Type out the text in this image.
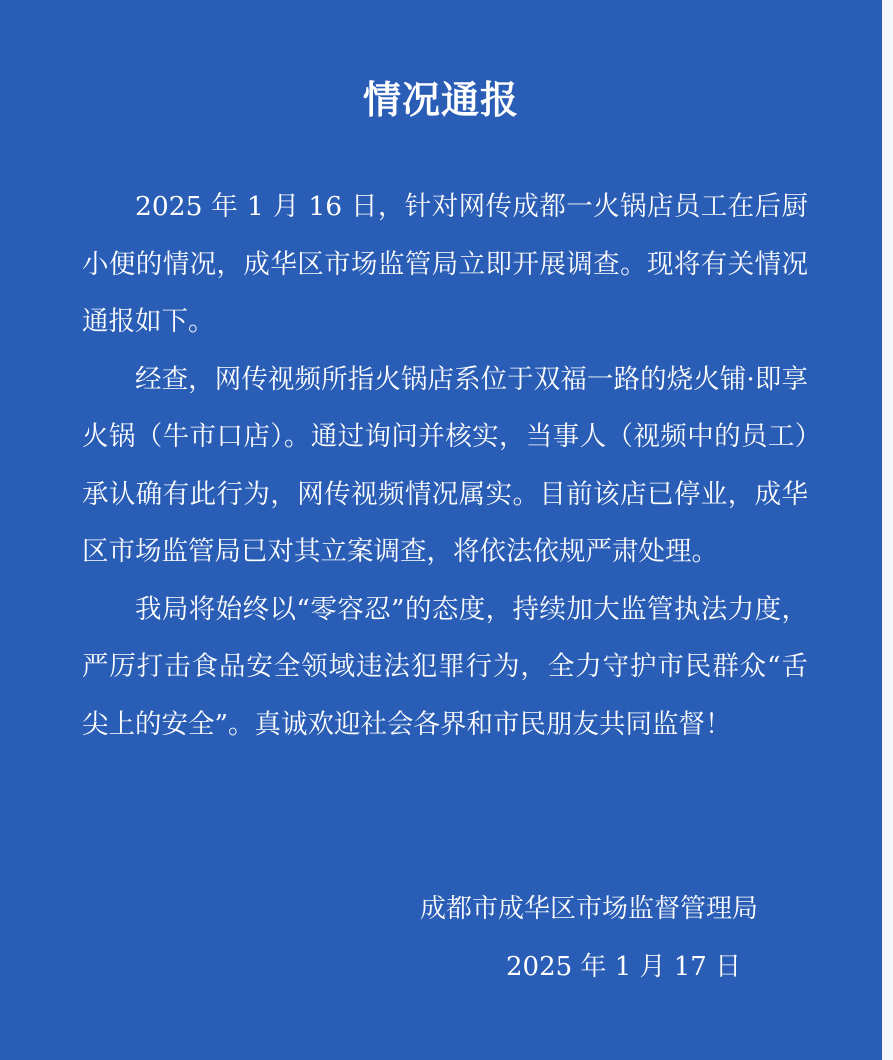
情况通报

2025 年 1 月 16 日，针对网传成都一火锅店员工在后厨小便的情况，成华区市场监管局立即开展调查。现将有关情况通报如下。

经查，网传视频所指火锅店系位于双福一路的烧火铺·即享火锅（牛市口店）。通过询问并核实，当事人（视频中的员工）承认确有此行为，网传视频情况属实。目前该店已停业，成华区市场监管局已对其立案调查，将依法依规严肃处理。

我局将始终以“零容忍”的态度，持续加大监管执法力度，严厉打击食品安全领域违法犯罪行为，全力守护市民群众“舌尖上的安全”。真诚欢迎社会各界和市民朋友共同监督！

成都市成华区市场监督管理局
2025 年 1 月 17 日
